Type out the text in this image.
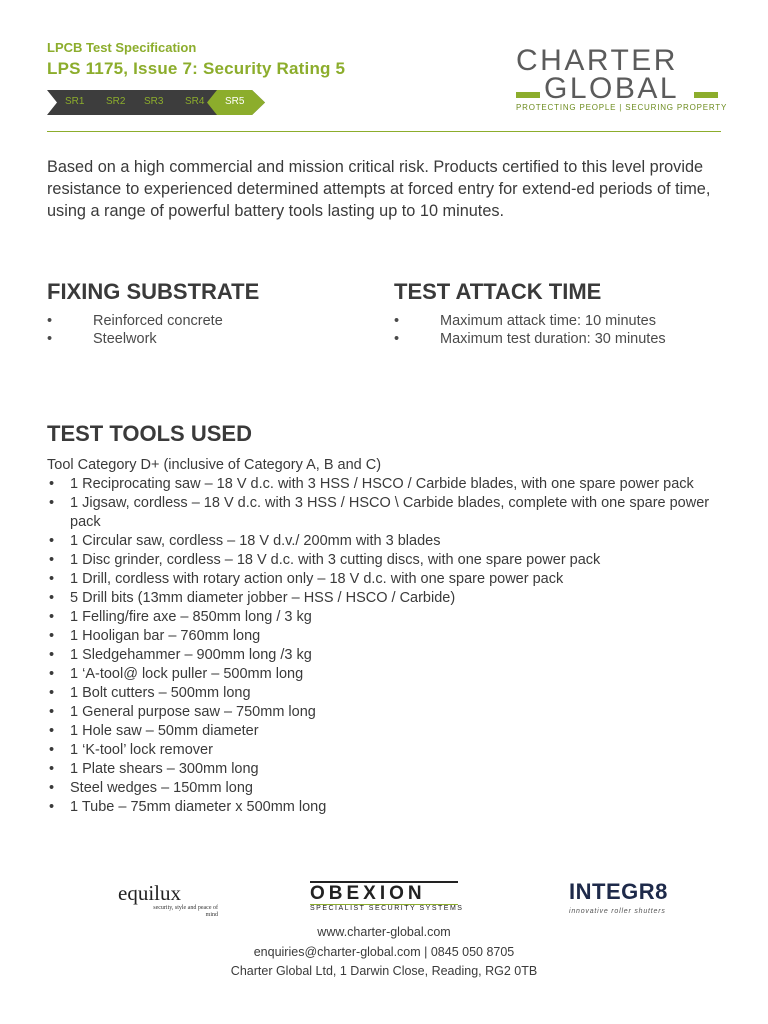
LPCB Test Specification
LPS 1175, Issue 7: Security Rating 5
SR1 SR2 SR3 SR4 SR5
CHARTER
GLOBAL
PROTECTING PEOPLE | SECURING PROPERTY
Based on a high commercial and mission critical risk. Products certified to this level provide resistance to experienced determined attempts at forced entry for extend-ed periods of time, using a range of powerful battery tools lasting up to 10 minutes.
FIXING SUBSTRATE
•	Reinforced concrete
•	Steelwork
TEST ATTACK TIME
•	Maximum attack time: 10 minutes
•	Maximum test duration: 30 minutes
TEST TOOLS USED
Tool Category D+ (inclusive of Category A, B and C)
• 1 Reciprocating saw – 18 V d.c. with 3 HSS / HSCO / Carbide blades, with one spare power pack
• 1 Jigsaw, cordless – 18 V d.c. with 3 HSS / HSCO \ Carbide blades, complete with one spare power pack
• 1 Circular saw, cordless – 18 V d.v./ 200mm with 3 blades
• 1 Disc grinder, cordless – 18 V d.c. with 3 cutting discs, with one spare power pack
• 1 Drill, cordless with rotary action only – 18 V d.c. with one spare power pack
• 5 Drill bits (13mm diameter jobber – HSS / HSCO / Carbide)
• 1 Felling/fire axe – 850mm long / 3 kg
• 1 Hooligan bar – 760mm long
• 1 Sledgehammer – 900mm long /3 kg
• 1 ‘A-tool@ lock puller – 500mm long
• 1 Bolt cutters – 500mm long
• 1 General purpose saw – 750mm long
• 1 Hole saw – 50mm diameter
• 1 ‘K-tool’ lock remover
• 1 Plate shears – 300mm long
• Steel wedges – 150mm long
• 1 Tube – 75mm diameter x 500mm long
equilux
security, style and peace of mind
OBEXION
SPECIALIST SECURITY SYSTEMS
INTEGR8
innovative roller shutters
www.charter-global.com
enquiries@charter-global.com | 0845 050 8705
Charter Global Ltd, 1 Darwin Close, Reading, RG2 0TB
